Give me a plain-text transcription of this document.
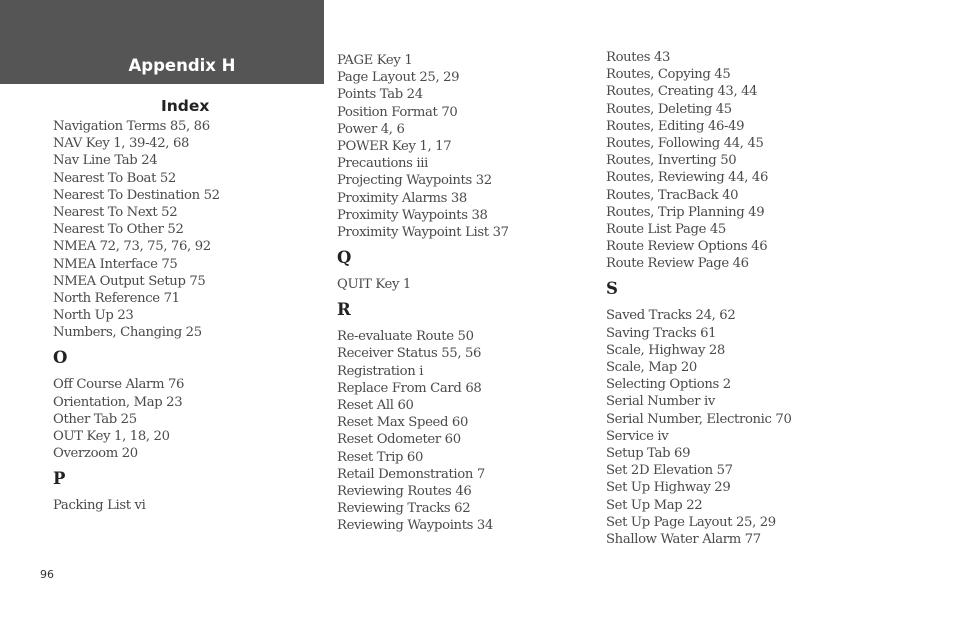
Appendix H
Index
Navigation Terms 85, 86
NAV Key 1, 39-42, 68
Nav Line Tab 24
Nearest To Boat 52
Nearest To Destination 52
Nearest To Next 52
Nearest To Other 52
NMEA 72, 73, 75, 76, 92
NMEA Interface 75
NMEA Output Setup 75
North Reference 71
North Up 23
Numbers, Changing 25
O
Off Course Alarm 76
Orientation, Map 23
Other Tab 25
OUT Key 1, 18, 20
Overzoom 20
P
Packing List vi
PAGE Key 1
Page Layout 25, 29
Points Tab 24
Position Format 70
Power 4, 6
POWER Key 1, 17
Precautions iii
Projecting Waypoints 32
Proximity Alarms 38
Proximity Waypoints 38
Proximity Waypoint List 37
Q
QUIT Key 1
R
Re-evaluate Route 50
Receiver Status 55, 56
Registration i
Replace From Card 68
Reset All 60
Reset Max Speed 60
Reset Odometer 60
Reset Trip 60
Retail Demonstration 7
Reviewing Routes 46
Reviewing Tracks 62
Reviewing Waypoints 34
Routes 43
Routes, Copying 45
Routes, Creating 43, 44
Routes, Deleting 45
Routes, Editing 46-49
Routes, Following 44, 45
Routes, Inverting 50
Routes, Reviewing 44, 46
Routes, TracBack 40
Routes, Trip Planning 49
Route List Page 45
Route Review Options 46
Route Review Page 46
S
Saved Tracks 24, 62
Saving Tracks 61
Scale, Highway 28
Scale, Map 20
Selecting Options 2
Serial Number iv
Serial Number, Electronic 70
Service iv
Setup Tab 69
Set 2D Elevation 57
Set Up Highway 29
Set Up Map 22
Set Up Page Layout 25, 29
Shallow Water Alarm 77
96
